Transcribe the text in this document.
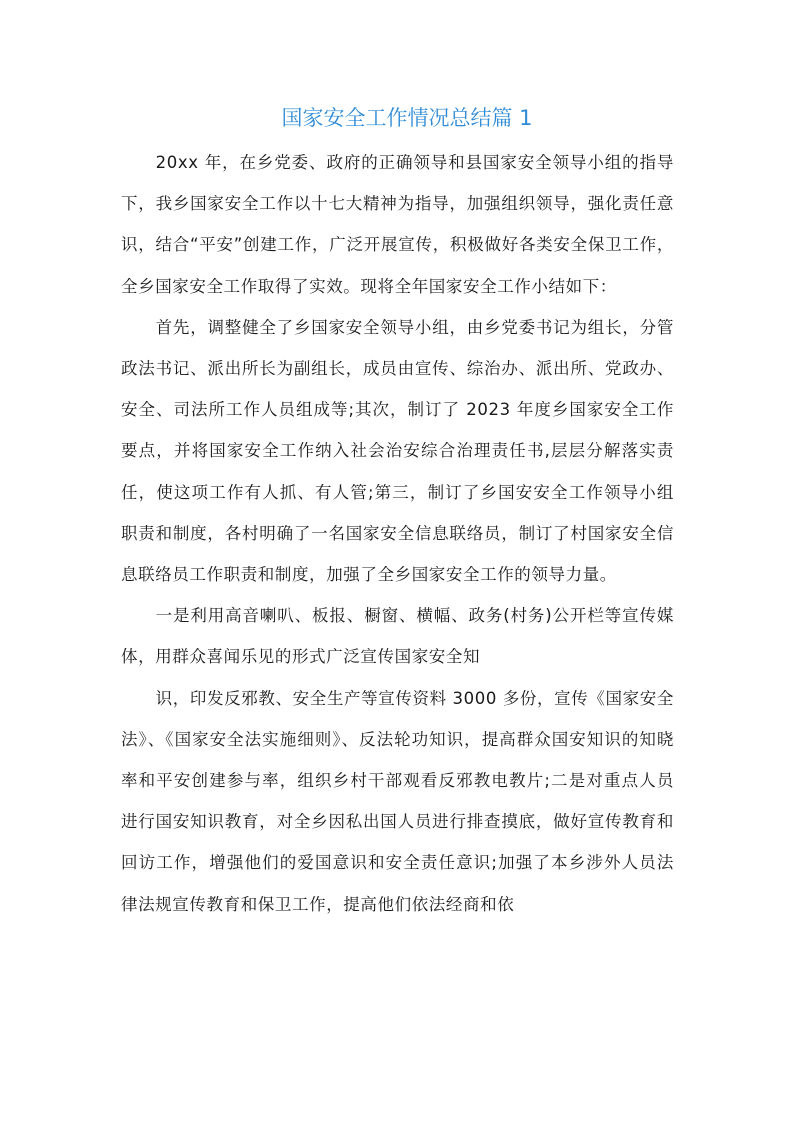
国家安全工作情况总结篇 1

20xx 年，在乡党委、政府的正确领导和县国家安全领导小组的指导下，我乡国家安全工作以十七大精神为指导，加强组织领导，强化责任意识，结合“平安”创建工作，广泛开展宣传，积极做好各类安全保卫工作，全乡国家安全工作取得了实效。现将全年国家安全工作小结如下：

首先，调整健全了乡国家安全领导小组，由乡党委书记为组长，分管政法书记、派出所长为副组长，成员由宣传、综治办、派出所、党政办、安全、司法所工作人员组成等;其次，制订了 2023 年度乡国家安全工作要点，并将国家安全工作纳入社会治安综合治理责任书,层层分解落实责任，使这项工作有人抓、有人管;第三，制订了乡国安安全工作领导小组职责和制度，各村明确了一名国家安全信息联络员，制订了村国家安全信息联络员工作职责和制度，加强了全乡国家安全工作的领导力量。

一是利用高音喇叭、板报、橱窗、横幅、政务(村务)公开栏等宣传媒体，用群众喜闻乐见的形式广泛宣传国家安全知

识，印发反邪教、安全生产等宣传资料 3000 多份，宣传《国家安全法》、《国家安全法实施细则》、反法轮功知识，提高群众国安知识的知晓率和平安创建参与率，组织乡村干部观看反邪教电教片;二是对重点人员进行国安知识教育，对全乡因私出国人员进行排查摸底，做好宣传教育和回访工作，增强他们的爱国意识和安全责任意识;加强了本乡涉外人员法律法规宣传教育和保卫工作，提高他们依法经商和依
